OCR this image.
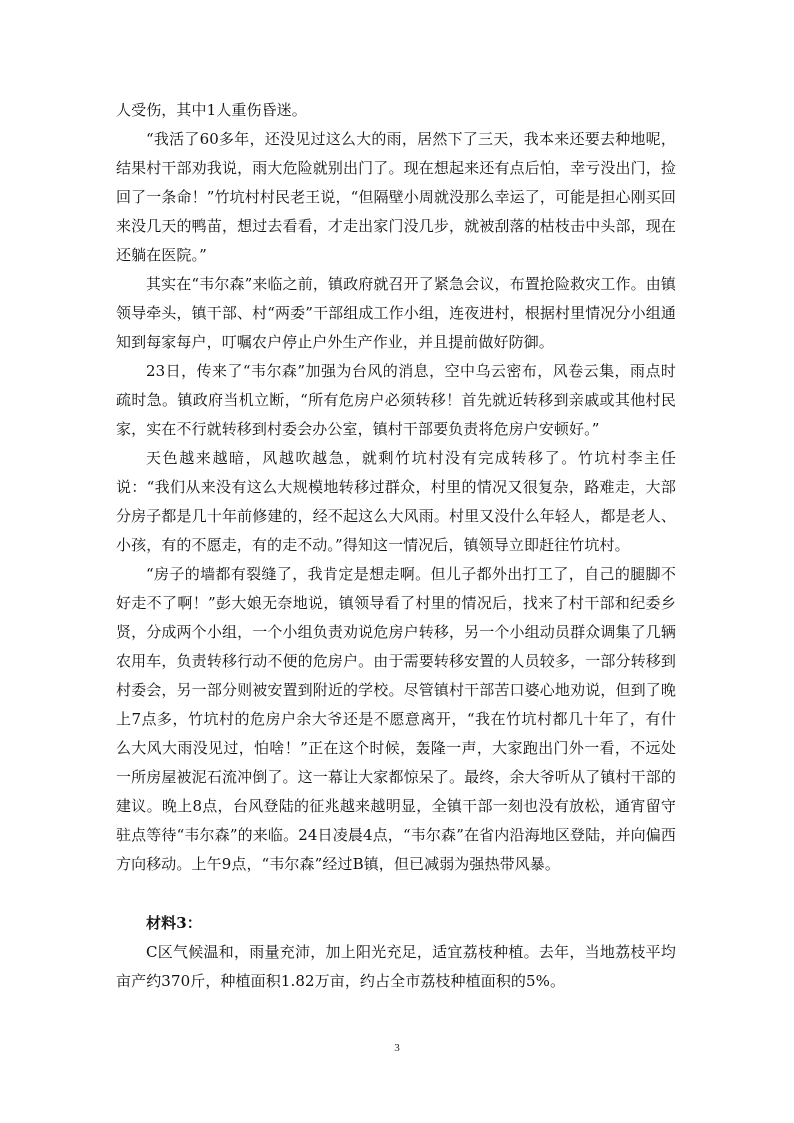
人受伤，其中1人重伤昏迷。

“我活了60多年，还没见过这么大的雨，居然下了三天，我本来还要去种地呢，结果村干部劝我说，雨大危险就别出门了。现在想起来还有点后怕，幸亏没出门，捡回了一条命！”竹坑村村民老王说，“但隔壁小周就没那么幸运了，可能是担心刚买回来没几天的鸭苗，想过去看看，才走出家门没几步，就被刮落的枯枝击中头部，现在还躺在医院。”

其实在“韦尔森”来临之前，镇政府就召开了紧急会议，布置抢险救灾工作。由镇领导牵头，镇干部、村“两委”干部组成工作小组，连夜进村，根据村里情况分小组通知到每家每户，叮嘱农户停止户外生产作业，并且提前做好防御。

23日，传来了“韦尔森”加强为台风的消息，空中乌云密布，风卷云集，雨点时疏时急。镇政府当机立断，“所有危房户必须转移！首先就近转移到亲戚或其他村民家，实在不行就转移到村委会办公室，镇村干部要负责将危房户安顿好。”

天色越来越暗，风越吹越急，就剩竹坑村没有完成转移了。竹坑村李主任说：“我们从来没有这么大规模地转移过群众，村里的情况又很复杂，路难走，大部分房子都是几十年前修建的，经不起这么大风雨。村里又没什么年轻人，都是老人、小孩，有的不愿走，有的走不动。”得知这一情况后，镇领导立即赶往竹坑村。

“房子的墙都有裂缝了，我肯定是想走啊。但儿子都外出打工了，自己的腿脚不好走不了啊！”彭大娘无奈地说，镇领导看了村里的情况后，找来了村干部和纪委乡贤，分成两个小组，一个小组负责劝说危房户转移，另一个小组动员群众调集了几辆农用车，负责转移行动不便的危房户。由于需要转移安置的人员较多，一部分转移到村委会，另一部分则被安置到附近的学校。尽管镇村干部苦口婆心地劝说，但到了晚上7点多，竹坑村的危房户余大爷还是不愿意离开，“我在竹坑村都几十年了，有什么大风大雨没见过，怕啥！”正在这个时候，轰隆一声，大家跑出门外一看，不远处一所房屋被泥石流冲倒了。这一幕让大家都惊呆了。最终，余大爷听从了镇村干部的建议。晚上8点，台风登陆的征兆越来越明显，全镇干部一刻也没有放松，通宵留守驻点等待“韦尔森”的来临。24日凌晨4点，“韦尔森”在省内沿海地区登陆，并向偏西方向移动。上午9点，“韦尔森”经过B镇，但已减弱为强热带风暴。

材料3：

C区气候温和，雨量充沛，加上阳光充足，适宜荔枝种植。去年，当地荔枝平均亩产约370斤，种植面积1.82万亩，约占全市荔枝种植面积的5%。

3
